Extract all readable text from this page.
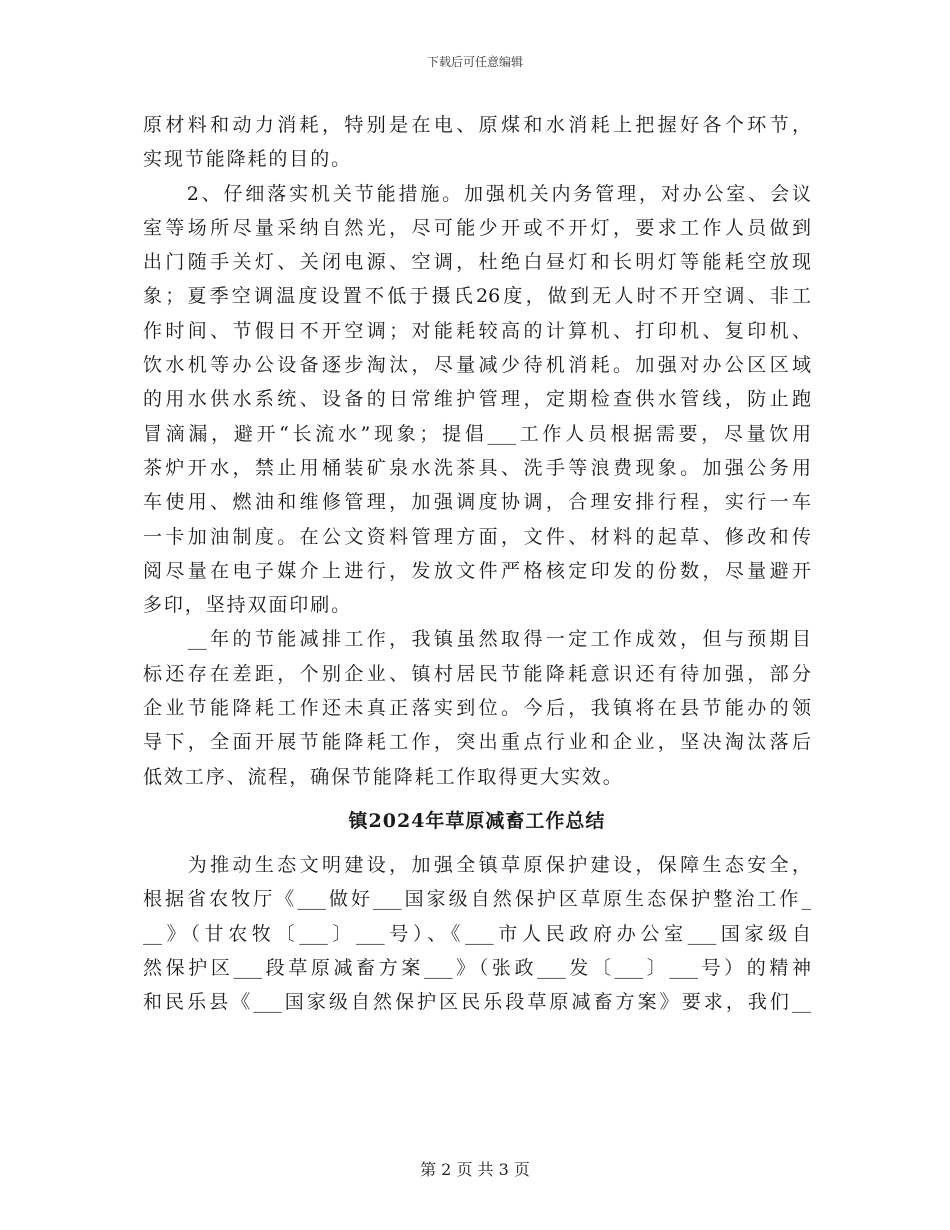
下载后可任意编辑
原材料和动力消耗，特别是在电、原煤和水消耗上把握好各个环节，
实现节能降耗的目的。
　　2、仔细落实机关节能措施。加强机关内务管理，对办公室、会议
室等场所尽量采纳自然光，尽可能少开或不开灯，要求工作人员做到
出门随手关灯、关闭电源、空调，杜绝白昼灯和长明灯等能耗空放现
象；夏季空调温度设置不低于摄氏26度，做到无人时不开空调、非工
作时间、节假日不开空调；对能耗较高的计算机、打印机、复印机、
饮水机等办公设备逐步淘汰，尽量减少待机消耗。加强对办公区区域
的用水供水系统、设备的日常维护管理，定期检查供水管线，防止跑
冒滴漏，避开“长流水”现象；提倡___工作人员根据需要，尽量饮用
茶炉开水，禁止用桶装矿泉水洗茶具、洗手等浪费现象。加强公务用
车使用、燃油和维修管理，加强调度协调，合理安排行程，实行一车
一卡加油制度。在公文资料管理方面，文件、材料的起草、修改和传
阅尽量在电子媒介上进行，发放文件严格核定印发的份数，尽量避开
多印，坚持双面印刷。
　　__年的节能减排工作，我镇虽然取得一定工作成效，但与预期目
标还存在差距，个别企业、镇村居民节能降耗意识还有待加强，部分
企业节能降耗工作还未真正落实到位。今后，我镇将在县节能办的领
导下，全面开展节能降耗工作，突出重点行业和企业，坚决淘汰落后
低效工序、流程，确保节能降耗工作取得更大实效。
镇2024年草原减畜工作总结
　　为推动生态文明建设，加强全镇草原保护建设，保障生态安全，
根据省农牧厅《___做好___国家级自然保护区草原生态保护整治工作_
__》（甘农牧〔___〕___号）、《___市人民政府办公室___国家级自
然保护区___段草原减畜方案___》（张政___发〔___〕___号）的精神
和民乐县《___国家级自然保护区民乐段草原减畜方案》要求，我们__
第 2 页 共 3 页
